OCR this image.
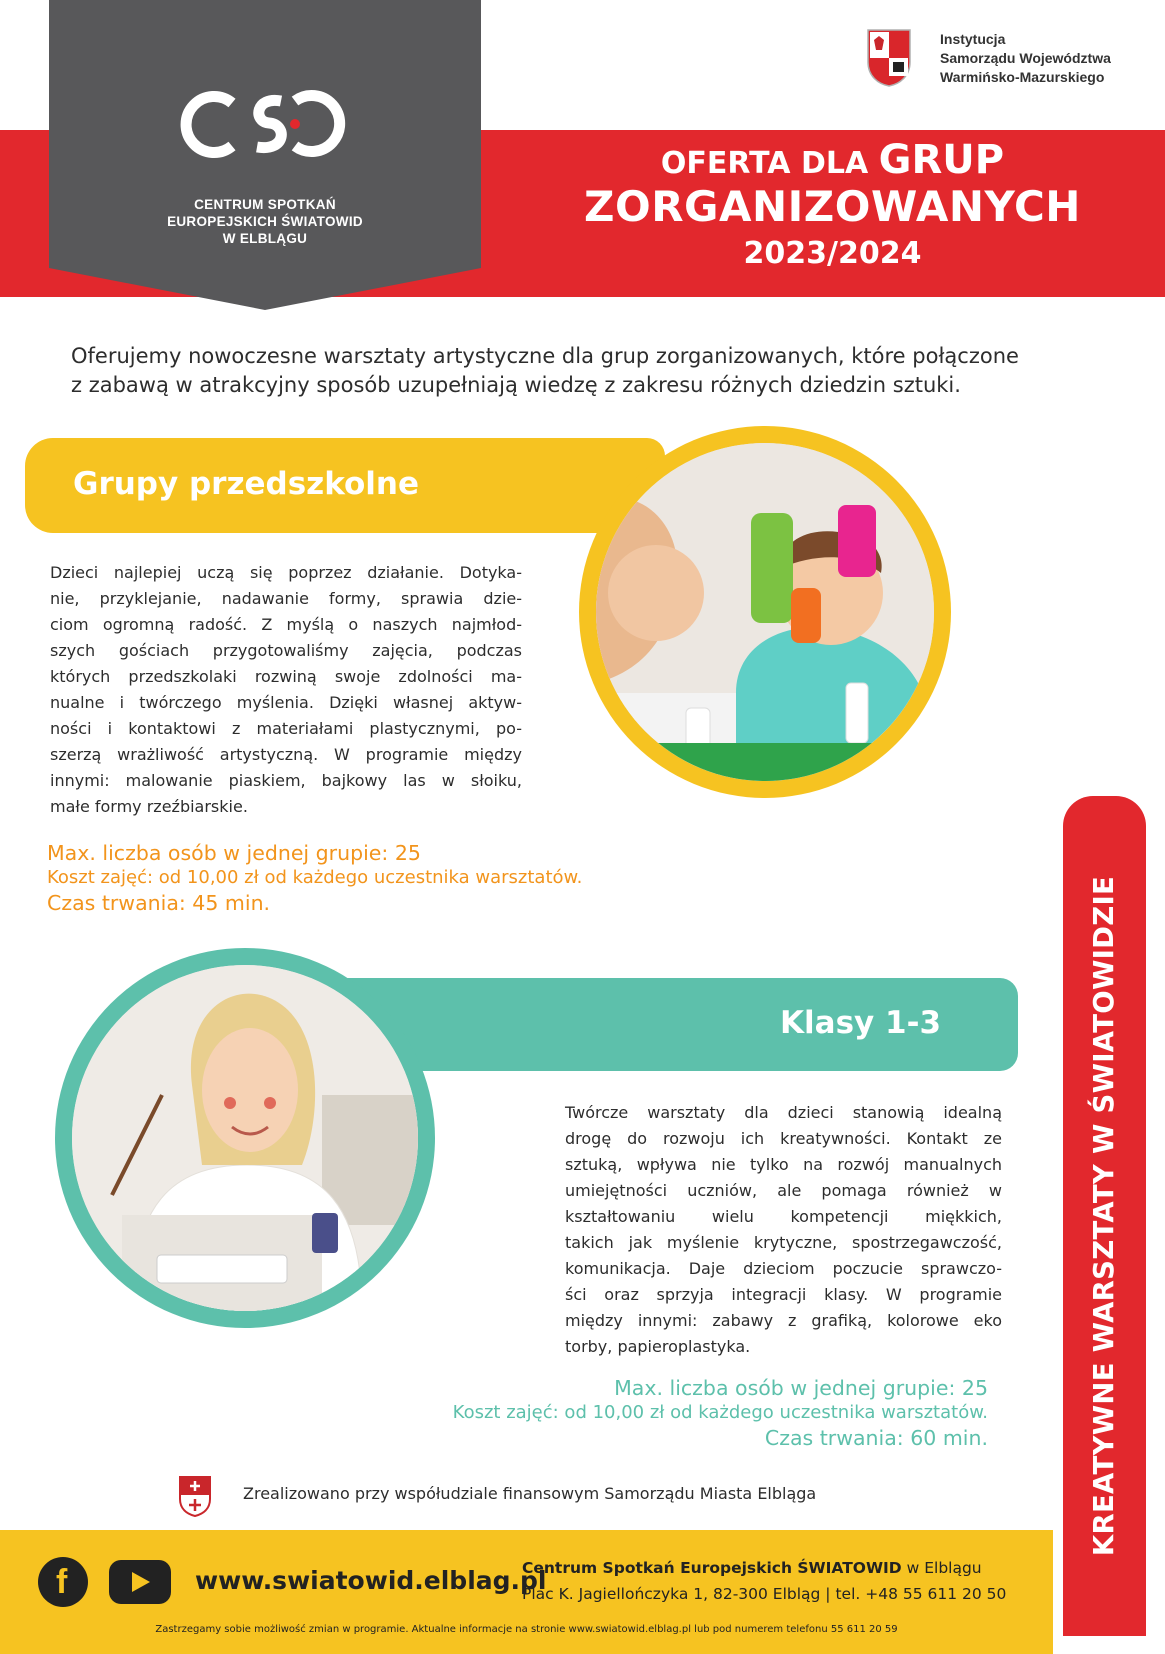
CENTRUM SPOTKAŃ
EUROPEJSKICH ŚWIATOWID
W ELBLĄGU
Instytucja
Samorządu Województwa
Warmińsko-Mazurskiego
OFERTA DLA GRUP
ZORGANIZOWANYCH
2023/2024
Oferujemy nowoczesne warsztaty artystyczne dla grup zorganizowanych, które połączone
z zabawą w atrakcyjny sposób uzupełniają wiedzę z zakresu różnych dziedzin sztuki.
Grupy przedszkolne
Dzieci najlepiej uczą się poprzez działanie. Dotyka-
nie, przyklejanie, nadawanie formy, sprawia dzie-
ciom ogromną radość. Z myślą o naszych najmłod-
szych gościach przygotowaliśmy zajęcia, podczas
których przedszkolaki rozwiną swoje zdolności ma-
nualne i twórczego myślenia. Dzięki własnej aktyw-
ności i kontaktowi z materiałami plastycznymi, po-
szerzą wrażliwość artystyczną. W programie między
innymi: malowanie piaskiem, bajkowy las w słoiku,
małe formy rzeźbiarskie.
Max. liczba osób w jednej grupie: 25
Koszt zajęć: od 10,00 zł od każdego uczestnika warsztatów.
Czas trwania: 45 min.
Klasy 1-3
Twórcze warsztaty dla dzieci stanowią idealną
drogę do rozwoju ich kreatywności. Kontakt ze
sztuką, wpływa nie tylko na rozwój manualnych
umiejętności uczniów, ale pomaga również w
kształtowaniu wielu kompetencji miękkich,
takich jak myślenie krytyczne, spostrzegawczość,
komunikacja. Daje dzieciom poczucie sprawczo-
ści oraz sprzyja integracji klasy. W programie
między innymi: zabawy z grafiką, kolorowe eko
torby, papieroplastyka.
Max. liczba osób w jednej grupie: 25
Koszt zajęć: od 10,00 zł od każdego uczestnika warsztatów.
Czas trwania: 60 min.	KREATYWNE WARSZTATY W ŚWIATOWIDZIE
Zrealizowano przy współudziale finansowym Samorządu Miasta Elbląga
f	www.swiatowid.elblag.pl
Centrum Spotkań Europejskich ŚWIATOWID w Elblągu
Plac K. Jagiellończyka 1, 82-300 Elbląg | tel. +48 55 611 20 50
Zastrzegamy sobie możliwość zmian w programie. Aktualne informacje na stronie www.swiatowid.elblag.pl lub pod numerem telefonu 55 611 20 59
